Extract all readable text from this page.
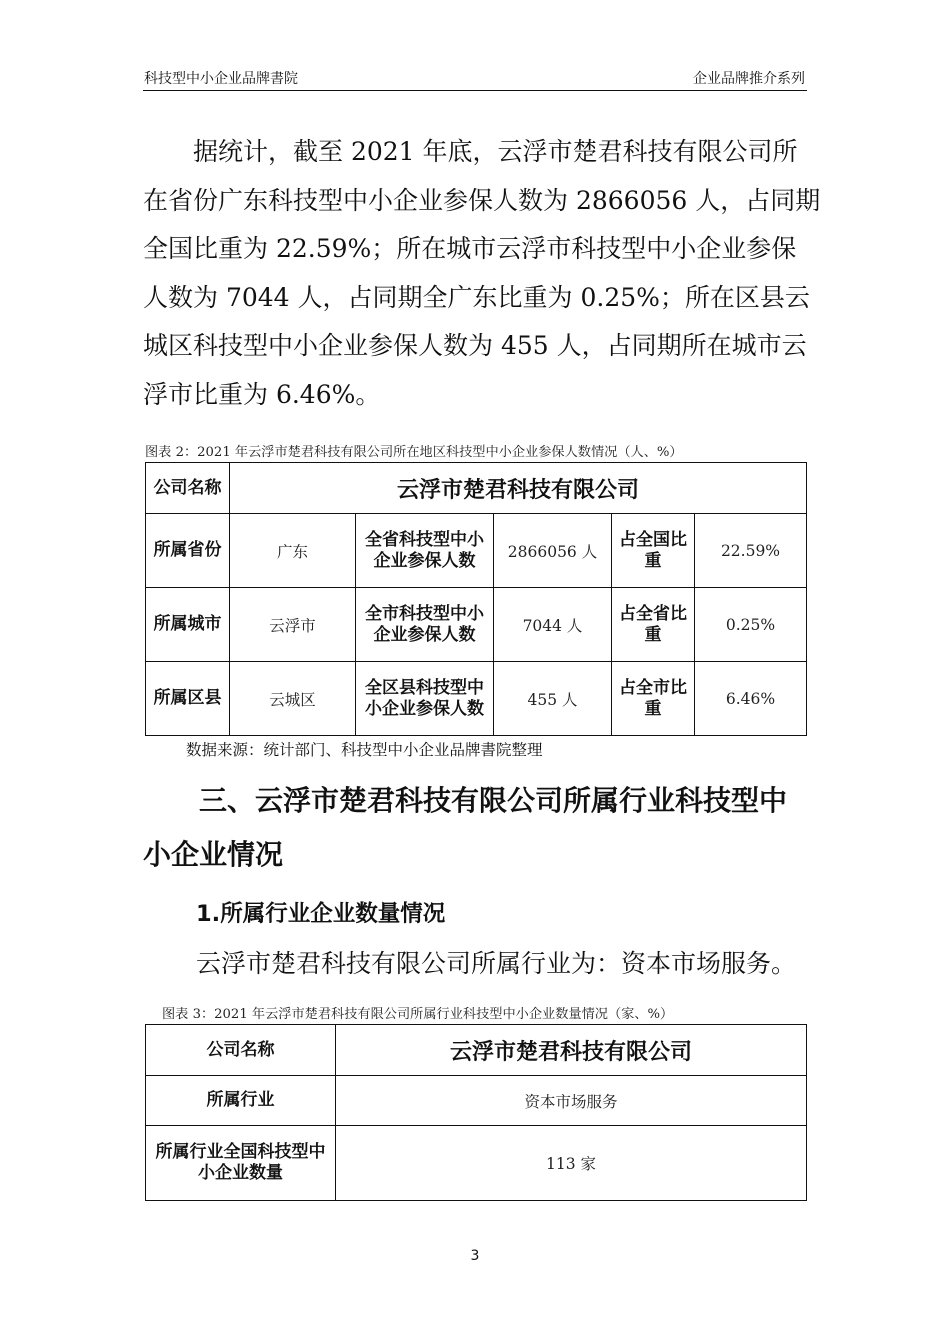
科技型中小企业品牌書院	企业品牌推介系列

　　据统计，截至 2021 年底，云浮市楚君科技有限公司所
在省份广东科技型中小企业参保人数为 2866056 人，占同期
全国比重为 22.59%；所在城市云浮市科技型中小企业参保
人数为 7044 人，占同期全广东比重为 0.25%；所在区县云
城区科技型中小企业参保人数为 455 人，占同期所在城市云
浮市比重为 6.46%。

图表 2：2021 年云浮市楚君科技有限公司所在地区科技型中小企业参保人数情况（人、%）
公司名称	云浮市楚君科技有限公司				
所属省份	广东	全省科技型中小企业参保人数	2866056 人	占全国比重	22.59%
所属城市	云浮市	全市科技型中小企业参保人数	7044 人	占全省比重	0.25%
所属区县	云城区	全区县科技型中小企业参保人数	455 人	占全市比重	6.46%
数据来源：统计部门、科技型中小企业品牌書院整理
　　三、云浮市楚君科技有限公司所属行业科技型中
小企业情况
1.所属行业企业数量情况

云浮市楚君科技有限公司所属行业为：资本市场服务。

图表 3：2021 年云浮市楚君科技有限公司所属行业科技型中小企业数量情况（家、%）
公司名称	云浮市楚君科技有限公司
所属行业	资本市场服务
所属行业全国科技型中小企业数量	113 家
3
